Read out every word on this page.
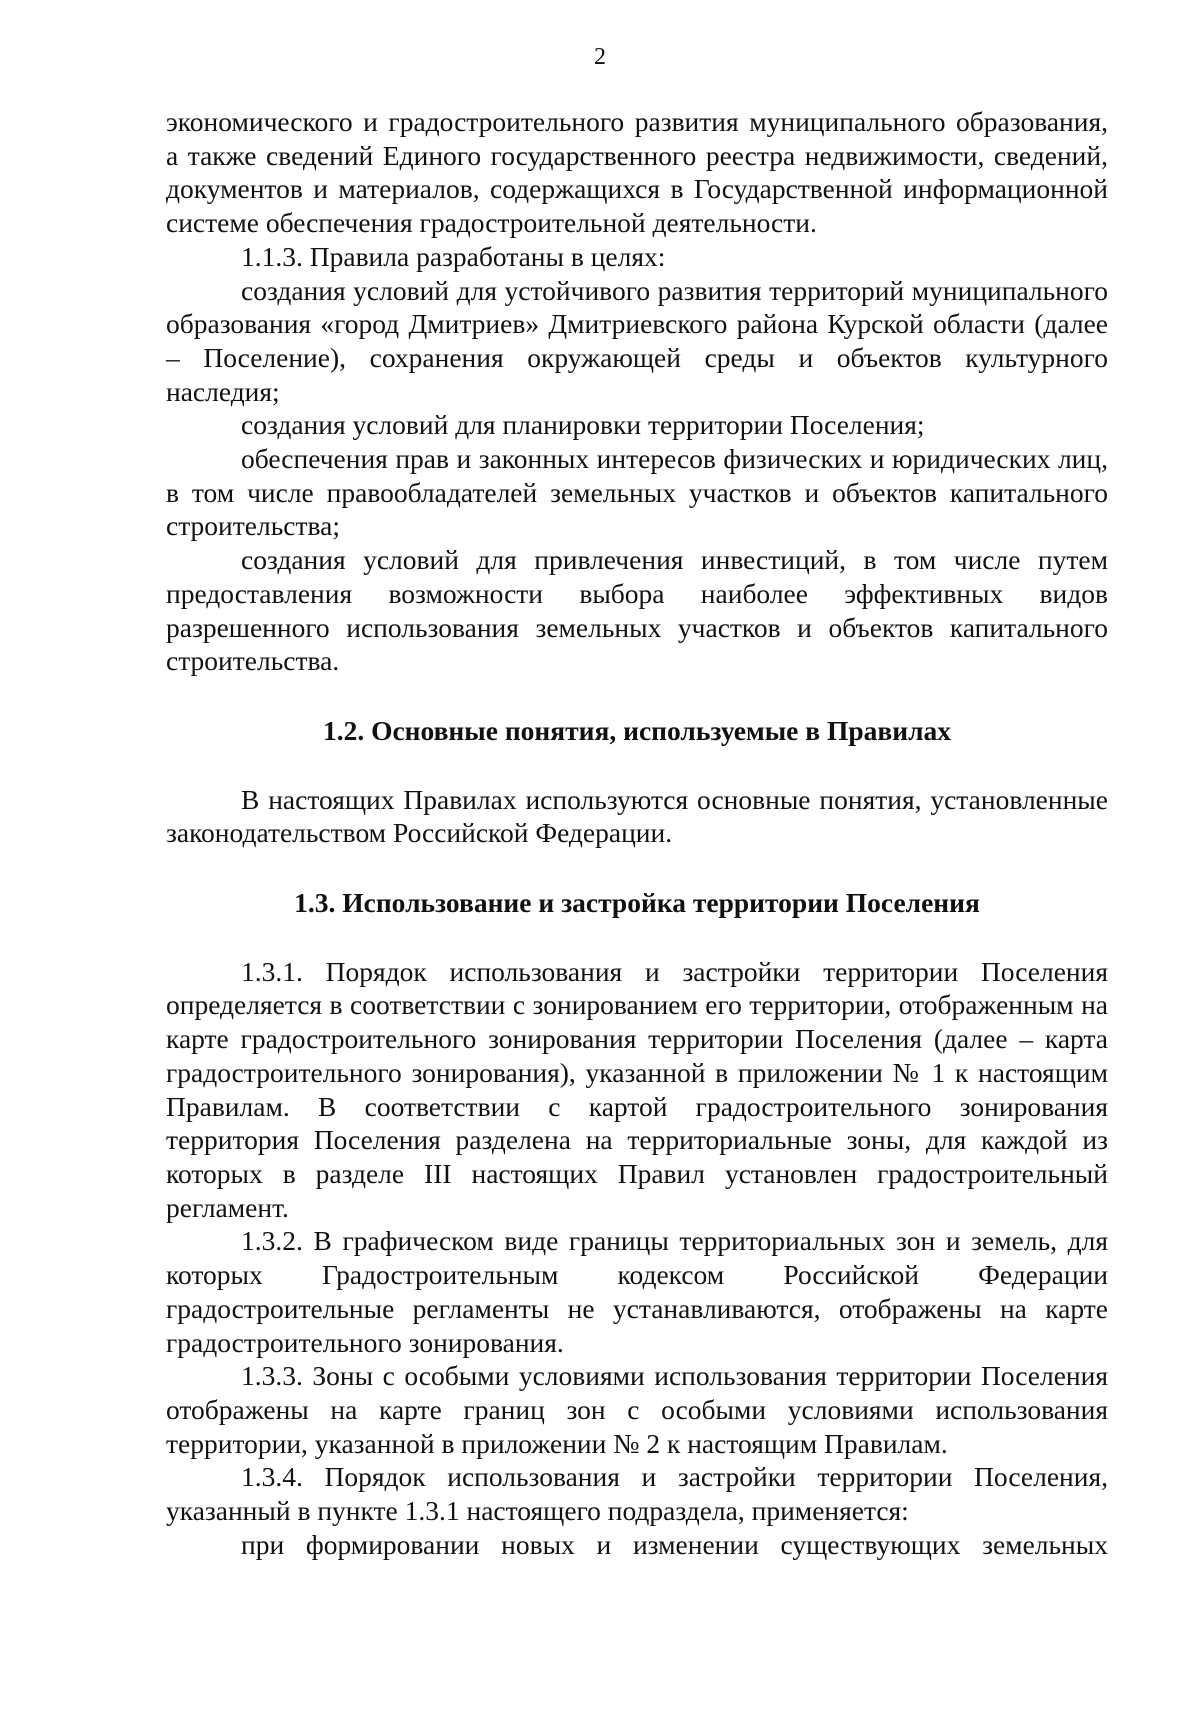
2

экономического и градостроительного развития муниципального образования, а также сведений Единого государственного реестра недвижимости, сведений, документов и материалов, содержащихся в Государственной информационной системе обеспечения градостроительной деятельности.

1.1.3. Правила разработаны в целях:

создания условий для устойчивого развития территорий муниципального образования «город Дмитриев» Дмитриевского района Курской области (далее – Поселение), сохранения окружающей среды и объектов культурного наследия;

создания условий для планировки территории Поселения;

обеспечения прав и законных интересов физических и юридических лиц, в том числе правообладателей земельных участков и объектов капитального строительства;

создания условий для привлечения инвестиций, в том числе путем предоставления возможности выбора наиболее эффективных видов разрешенного использования земельных участков и объектов капитального строительства.

1.2. Основные понятия, используемые в Правилах

В настоящих Правилах используются основные понятия, установленные законодательством Российской Федерации.

1.3. Использование и застройка территории Поселения

1.3.1. Порядок использования и застройки территории Поселения определяется в соответствии с зонированием его территории, отображенным на карте градостроительного зонирования территории Поселения (далее – карта градостроительного зонирования), указанной в приложении № 1 к настоящим Правилам. В соответствии с картой градостроительного зонирования территория Поселения разделена на территориальные зоны, для каждой из которых в разделе III настоящих Правил установлен градостроительный регламент.

1.3.2. В графическом виде границы территориальных зон и земель, для которых Градостроительным кодексом Российской Федерации градостроительные регламенты не устанавливаются, отображены на карте градостроительного зонирования.

1.3.3. Зоны с особыми условиями использования территории Поселения отображены на карте границ зон с особыми условиями использования территории, указанной в приложении № 2 к настоящим Правилам.

1.3.4. Порядок использования и застройки территории Поселения, указанный в пункте 1.3.1 настоящего подраздела, применяется:

при формировании новых и изменении существующих земельных
